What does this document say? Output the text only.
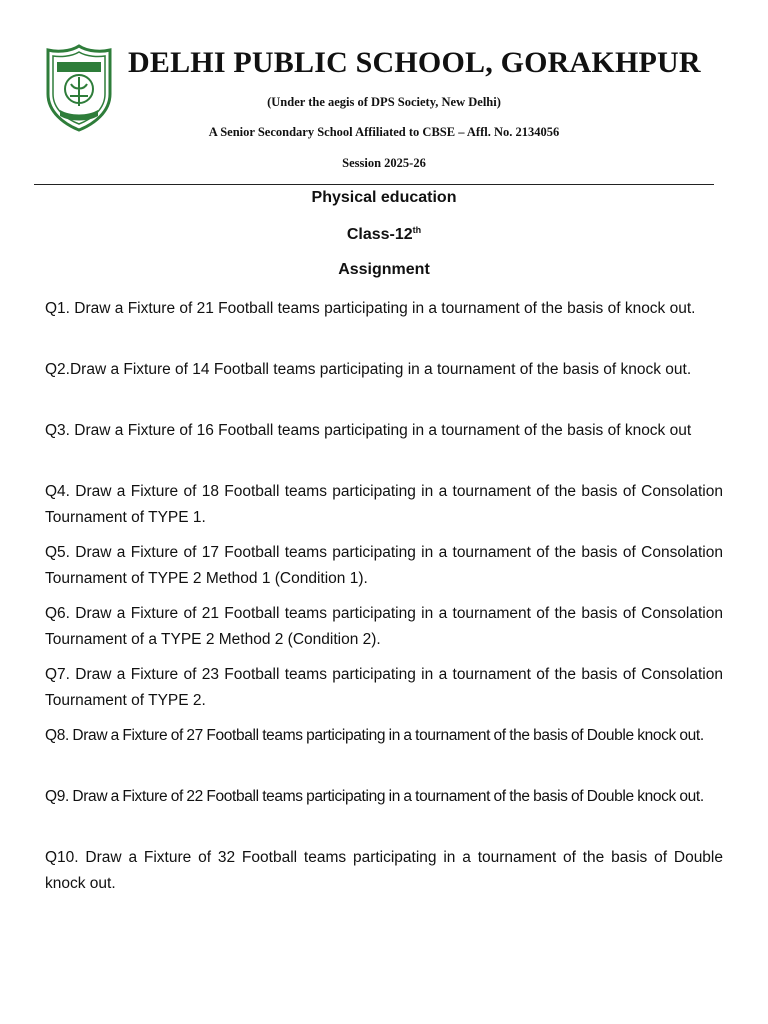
DELHI PUBLIC SCHOOL, GORAKHPUR
(Under the aegis of DPS Society, New Delhi)
A Senior Secondary School Affiliated to CBSE – Affl. No. 2134056
Session 2025-26
Physical education
Class-12th
Assignment

Q1. Draw a Fixture of 21 Football teams participating in a tournament of the basis of knock out.

Q2.Draw a Fixture of 14 Football teams participating in a tournament of the basis of knock out.

Q3. Draw a Fixture of 16 Football teams participating in a tournament of the basis of knock out

Q4. Draw a Fixture of 18 Football teams participating in a tournament of the basis of Consolation Tournament of TYPE 1.

Q5. Draw a Fixture of 17 Football teams participating in a tournament of the basis of Consolation Tournament of TYPE 2 Method 1 (Condition 1).

Q6. Draw a Fixture of 21 Football teams participating in a tournament of the basis of Consolation Tournament of a TYPE 2 Method 2 (Condition 2).

Q7. Draw a Fixture of 23 Football teams participating in a tournament of the basis of Consolation Tournament of TYPE 2.

Q8. Draw a Fixture of 27 Football teams participating in a tournament of the basis of Double knock out.

Q9. Draw a Fixture of 22 Football teams participating in a tournament of the basis of Double knock out.

Q10. Draw a Fixture of 32 Football teams participating in a tournament of the basis of Double knock out.
